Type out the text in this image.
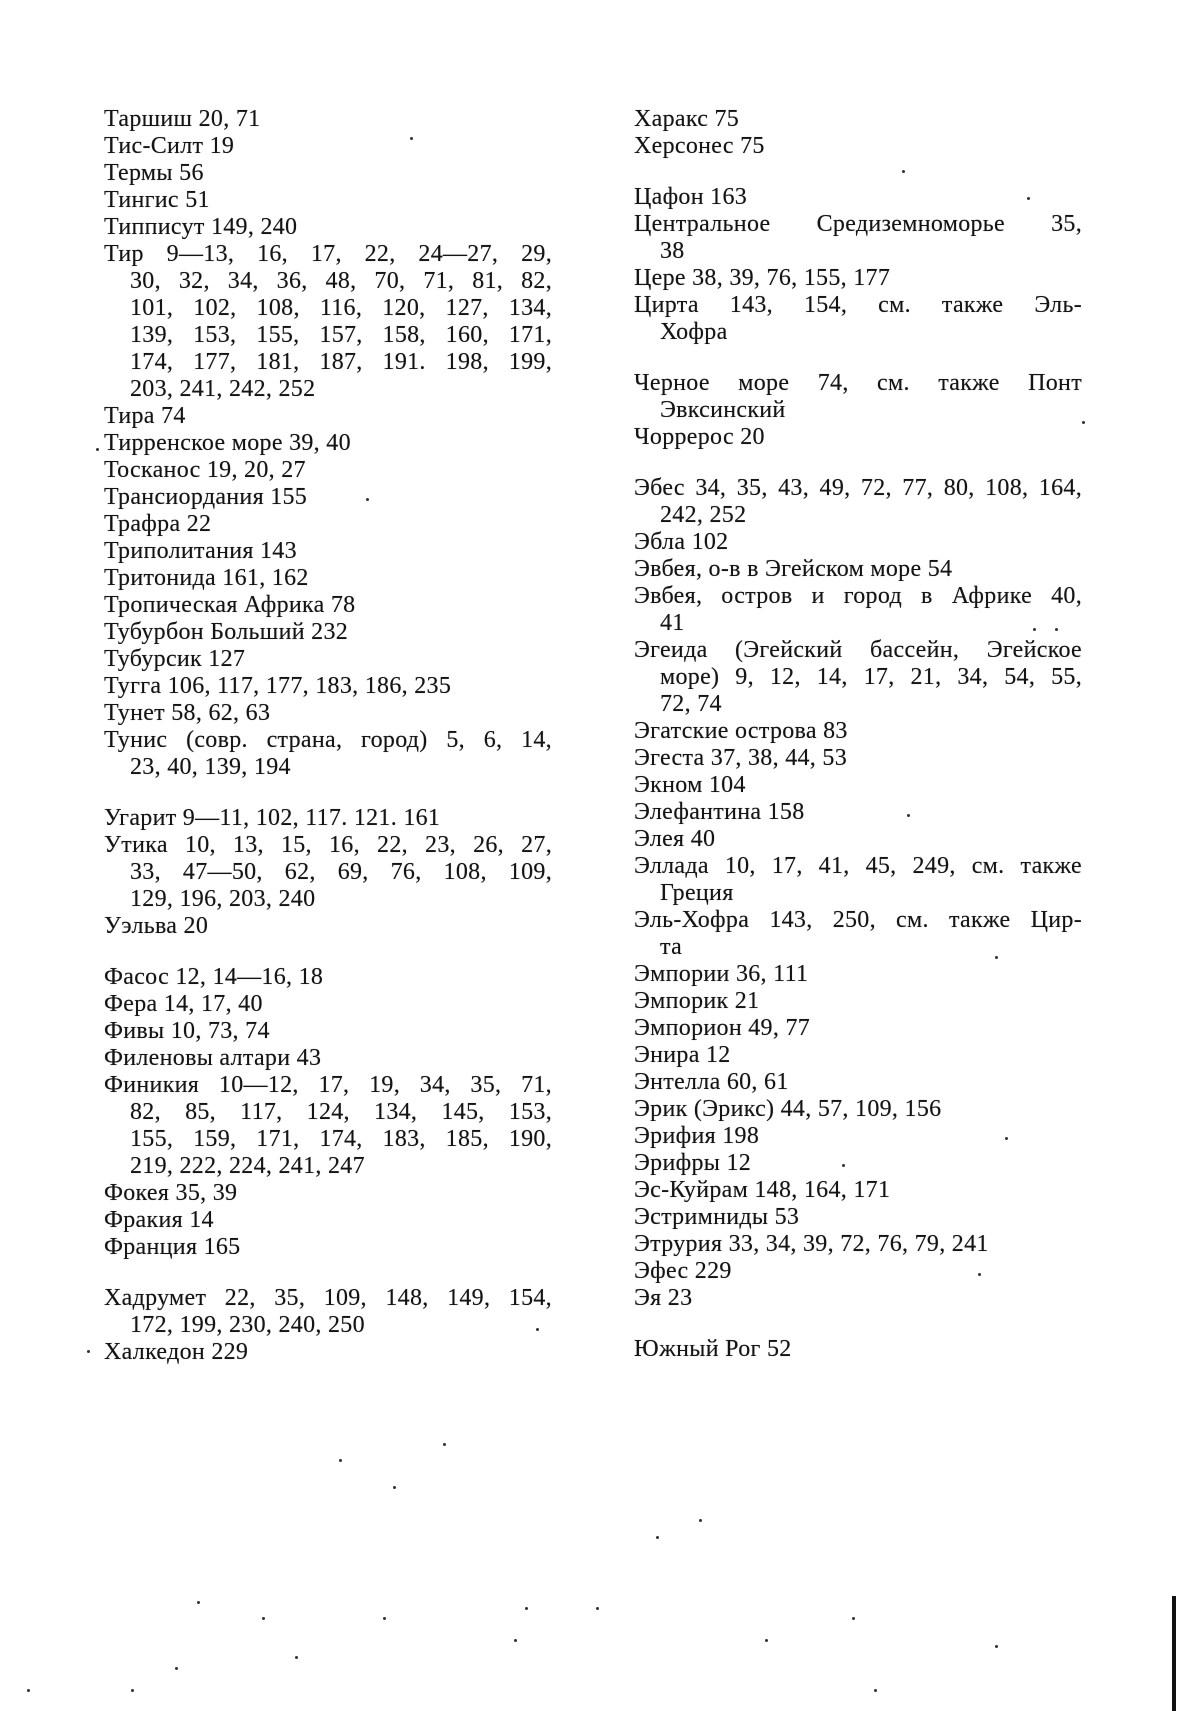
Таршиш 20, 71
Тис-Силт 19
Термы 56
Тингис 51
Типписут 149, 240
Тир 9—13, 16, 17, 22, 24—27, 29,
30, 32, 34, 36, 48, 70, 71, 81, 82,
101, 102, 108, 116, 120, 127, 134,
139, 153, 155, 157, 158, 160, 171,
174, 177, 181, 187, 191. 198, 199,
203, 241, 242, 252
Тира 74
Тирренское море 39, 40
Тосканос 19, 20, 27
Трансиордания 155
Трафра 22
Триполитания 143
Тритонида 161, 162
Тропическая Африка 78
Тубурбон Больший 232
Тубурсик 127
Тугга 106, 117, 177, 183, 186, 235
Тунет 58, 62, 63
Тунис (совр. страна, город) 5, 6, 14,
23, 40, 139, 194
Угарит 9—11, 102, 117. 121. 161
Утика 10, 13, 15, 16, 22, 23, 26, 27,
33, 47—50, 62, 69, 76, 108, 109,
129, 196, 203, 240
Уэльва 20
Фасос 12, 14—16, 18
Фера 14, 17, 40
Фивы 10, 73, 74
Филеновы алтари 43
Финикия 10—12, 17, 19, 34, 35, 71,
82, 85, 117, 124, 134, 145, 153,
155, 159, 171, 174, 183, 185, 190,
219, 222, 224, 241, 247
Фокея 35, 39
Фракия 14
Франция 165
Хадрумет 22, 35, 109, 148, 149, 154,
172, 199, 230, 240, 250
Халкедон 229
Харакс 75
Херсонес 75
Цафон 163
Центральное Средиземноморье 35,
38
Цере 38, 39, 76, 155, 177
Цирта 143, 154, см. также Эль-
Хофра
Черное море 74, см. также Понт
Эвксинский
Чоррерос 20
Эбес 34, 35, 43, 49, 72, 77, 80, 108, 164,
242, 252
Эбла 102
Эвбея, о-в в Эгейском море 54
Эвбея, остров и город в Африке 40,
41
Эгеида (Эгейский бассейн, Эгейское
море) 9, 12, 14, 17, 21, 34, 54, 55,
72, 74
Эгатские острова 83
Эгеста 37, 38, 44, 53
Экном 104
Элефантина 158
Элея 40
Эллада 10, 17, 41, 45, 249, см. также
Греция
Эль-Хофра 143, 250, см. также Цир-
та
Эмпории 36, 111
Эмпорик 21
Эмпорион 49, 77
Энира 12
Энтелла 60, 61
Эрик (Эрикс) 44, 57, 109, 156
Эрифия 198
Эрифры 12
Эс-Куйрам 148, 164, 171
Эстримниды 53
Этрурия 33, 34, 39, 72, 76, 79, 241
Эфес 229
Эя 23
Южный Рог 52
